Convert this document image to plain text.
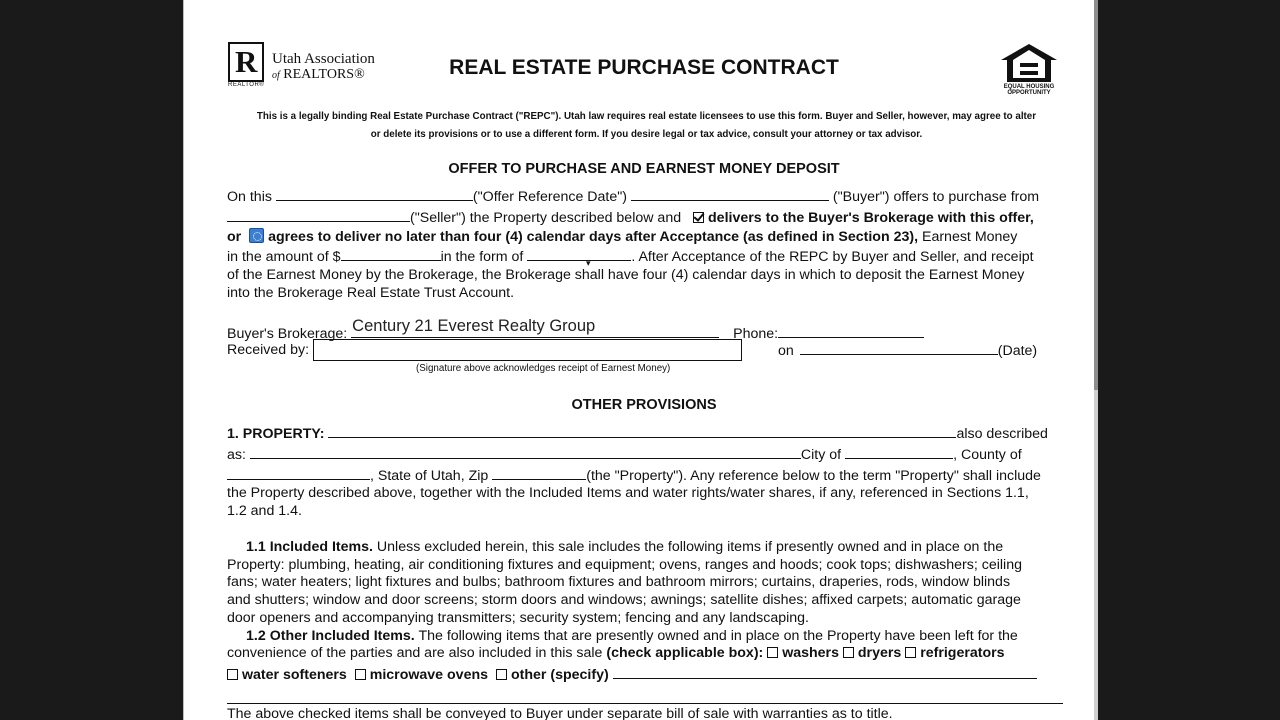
R
REALTOR®
Utah Association
of REALTORS®
EQUAL HOUSING
OPPORTUNITY
REAL ESTATE PURCHASE CONTRACT
This is a legally binding Real Estate Purchase Contract ("REPC"). Utah law requires real estate licensees to use this form. Buyer and Seller, however, may agree to alter
or delete its provisions or to use a different form. If you desire legal or tax advice, consult your attorney or tax advisor.
OFFER TO PURCHASE AND EARNEST MONEY DEPOSIT
On this	("Offer Reference Date")	("Buyer") offers to purchase from
("Seller") the Property described below and delivers to the Buyer's Brokerage with this offer,
or agrees to deliver no later than four (4) calendar days after Acceptance (as defined in Section 23), Earnest Money
in the amount of $	in the form of	. After Acceptance of the REPC by Buyer and Seller, and receipt
▾
of the Earnest Money by the Brokerage, the Brokerage shall have four (4) calendar days in which to deposit the Earnest Money
into the Brokerage Real Estate Trust Account.
Buyer's Brokerage: Century 21 Everest Realty Group	Phone:
Received by:	on	(Date)
(Signature above acknowledges receipt of Earnest Money)
OTHER PROVISIONS
1. PROPERTY:	also described
as:	City of	, County of
, State of Utah, Zip	(the "Property"). Any reference below to the term "Property" shall include
the Property described above, together with the Included Items and water rights/water shares, if any, referenced in Sections 1.1,
1.2 and 1.4.
1.1 Included Items. Unless excluded herein, this sale includes the following items if presently owned and in place on the
Property: plumbing, heating, air conditioning fixtures and equipment; ovens, ranges and hoods; cook tops; dishwashers; ceiling
fans; water heaters; light fixtures and bulbs; bathroom fixtures and bathroom mirrors; curtains, draperies, rods, window blinds
and shutters; window and door screens; storm doors and windows; awnings; satellite dishes; affixed carpets; automatic garage
door openers and accompanying transmitters; security system; fencing and any landscaping.
1.2 Other Included Items. The following items that are presently owned and in place on the Property have been left for the
convenience of the parties and are also included in this sale (check applicable box): washers dryers refrigerators
water softeners microwave ovens other (specify)
The above checked items shall be conveyed to Buyer under separate bill of sale with warranties as to title.
